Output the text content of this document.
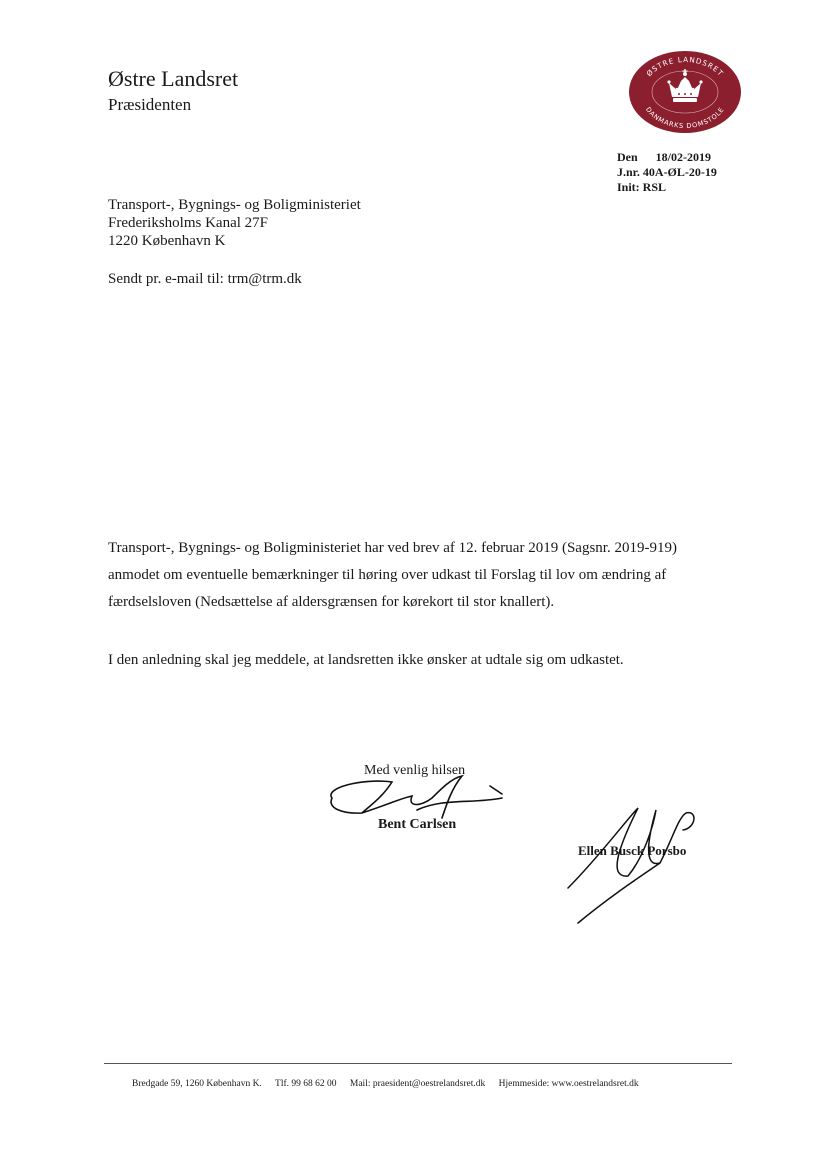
Østre Landsret
Præsidenten
ØSTRE LANDSRET
DANMARKS DOMSTOLE
Den 18/02-2019
J.nr. 40A-ØL-20-19
Init: RSL
Transport-, Bygnings- og Boligministeriet
Frederiksholms Kanal 27F
1220 København K
Sendt pr. e-mail til: trm@trm.dk
Transport-, Bygnings- og Boligministeriet har ved brev af 12. februar 2019 (Sagsnr. 2019-919) anmodet om eventuelle bemærkninger til høring over udkast til Forslag til lov om ændring af færdselsloven (Nedsættelse af aldersgrænsen for kørekort til stor knallert).
I den anledning skal jeg meddele, at landsretten ikke ønsker at udtale sig om udkastet.
Med venlig hilsen
Bent Carlsen
Ellen Busck Porsbo
Bredgade 59, 1260 København K. Tlf. 99 68 62 00 Mail: praesident@oestrelandsret.dk Hjemmeside: www.oestrelandsret.dk
